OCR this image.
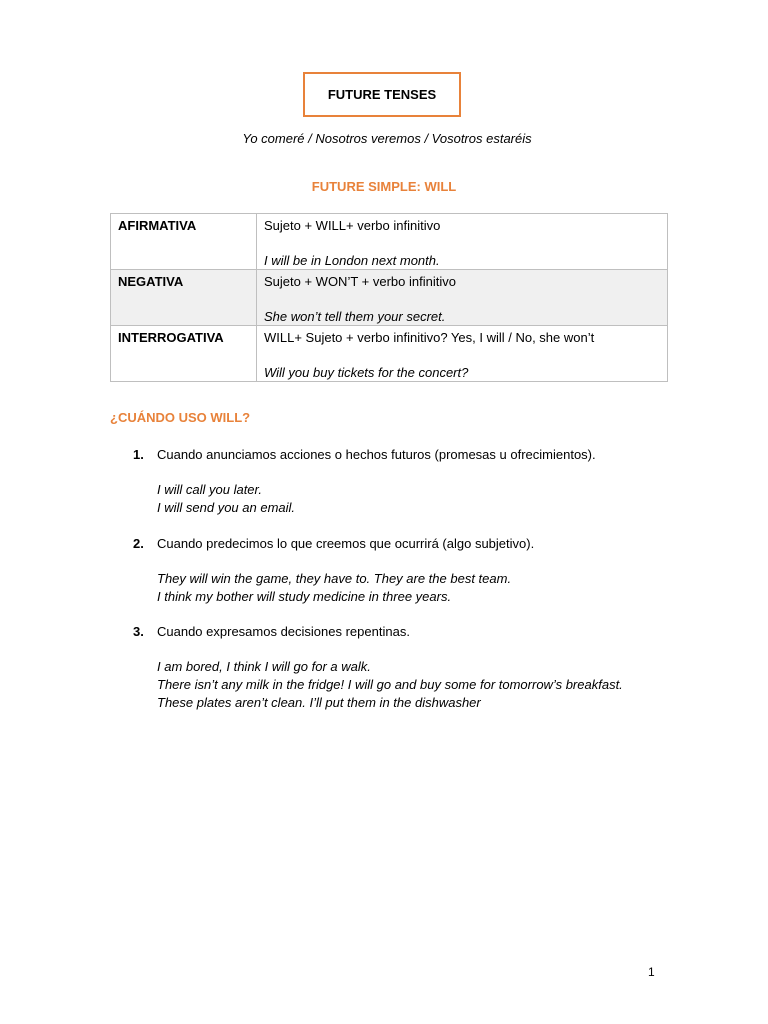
FUTURE TENSES
Yo comeré / Nosotros veremos / Vosotros estaréis
FUTURE SIMPLE: WILL
AFIRMATIVA	Sujeto + WILL+ verbo infinitivo
I will be in London next month.

NEGATIVA	Sujeto + WON’T + verbo infinitivo
She won’t tell them your secret.

INTERROGATIVA	WILL+ Sujeto + verbo infinitivo? Yes, I will / No, she won’t
Will you buy tickets for the concert?
¿CUÁNDO USO WILL?
1. Cuando anunciamos acciones o hechos futuros (promesas u ofrecimientos).
I will call you later.
I will send you an email.
2. Cuando predecimos lo que creemos que ocurrirá (algo subjetivo).
They will win the game, they have to. They are the best team.
I think my bother will study medicine in three years.
3. Cuando expresamos decisiones repentinas.
I am bored, I think I will go for a walk.
There isn’t any milk in the fridge! I will go and buy some for tomorrow’s breakfast.
These plates aren’t clean. I’ll put them in the dishwasher
1
